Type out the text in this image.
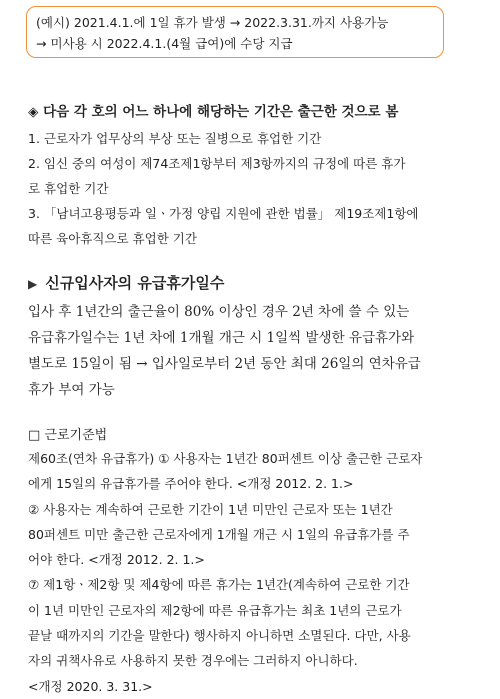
(예시) 2021.4.1.에 1일 휴가 발생 → 2022.3.31.까지 사용가능
→ 미사용 시 2022.4.1.(4월 급여)에 수당 지급
◈ 다음 각 호의 어느 하나에 해당하는 기간은 출근한 것으로 봄
1. 근로자가 업무상의 부상 또는 질병으로 휴업한 기간
2. 임신 중의 여성이 제74조제1항부터 제3항까지의 규정에 따른 휴가
로 휴업한 기간
3. 「남녀고용평등과 일ㆍ가정 양립 지원에 관한 법률」 제19조제1항에
따른 육아휴직으로 휴업한 기간
▶ 신규입사자의 유급휴가일수
입사 후 1년간의 출근율이 80% 이상인 경우 2년 차에 쓸 수 있는
유급휴가일수는 1년 차에 1개월 개근 시 1일씩 발생한 유급휴가와
별도로 15일이 됨 → 입사일로부터 2년 동안 최대 26일의 연차유급
휴가 부여 가능
□ 근로기준법
제60조(연차 유급휴가) ① 사용자는 1년간 80퍼센트 이상 출근한 근로자
에게 15일의 유급휴가를 주어야 한다. <개정 2012. 2. 1.>
② 사용자는 계속하여 근로한 기간이 1년 미만인 근로자 또는 1년간
80퍼센트 미만 출근한 근로자에게 1개월 개근 시 1일의 유급휴가를 주
어야 한다. <개정 2012. 2. 1.>
⑦ 제1항ㆍ제2항 및 제4항에 따른 휴가는 1년간(계속하여 근로한 기간
이 1년 미만인 근로자의 제2항에 따른 유급휴가는 최초 1년의 근로가
끝날 때까지의 기간을 말한다) 행사하지 아니하면 소멸된다. 다만, 사용
자의 귀책사유로 사용하지 못한 경우에는 그러하지 아니하다.
<개정 2020. 3. 31.>
